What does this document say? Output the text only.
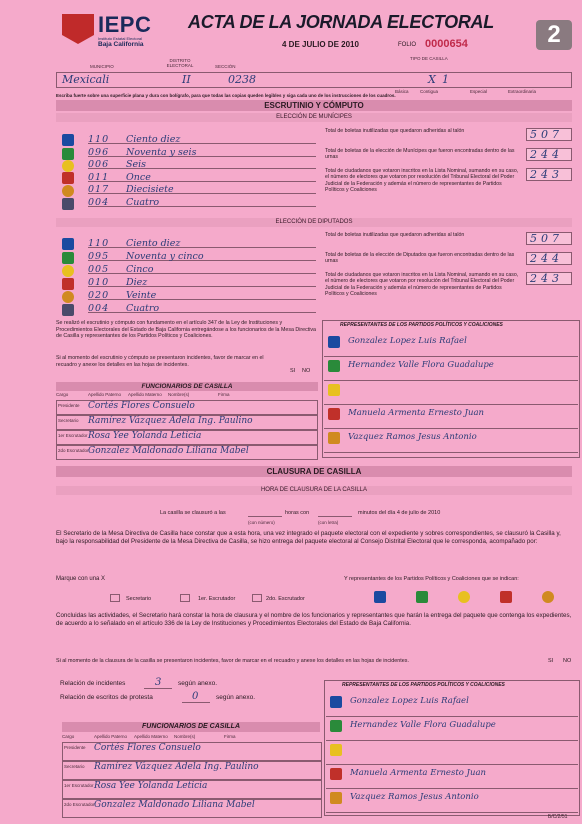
IEPC
Instituto Estatal Electoral
Baja California
ACTA DE LA JORNADA ELECTORAL
4 DE JULIO DE 2010	FOLIO 0000654	2
MUNICIPIO
DISTRITO ELECTORAL	SECCIÓN
TIPO DE CASILLA
Mexicali	II	0238	X 1
Básica	Contigua	Especial	Extraordinaria
Escriba fuerte sobre una superficie plana y dura con bolígrafo, para que todas las copias queden legibles y siga cada uno de los instrucciones de los cuadros.
ESCRUTINIO Y CÓMPUTO
ELECCIÓN DE MUNÍCIPES
110 Ciento diez
096 Noventa y seis
006 Seis
011 Once
017 Diecisiete
004 Cuatro
Total de boletas inutilizadas que quedaron adheridas al talón	507
Total de boletas de la elección de Munícipes que fueron encontradas dentro de las urnas	244
Total de ciudadanos que votaron inscritos en la Lista Nominal, sumando en su caso, el número de electores que votaron por resolución del Tribunal Electoral del Poder Judicial de la Federación y además el número de representantes de Partidos Políticos y Coaliciones
243
ELECCIÓN DE DIPUTADOS
110 Ciento diez
095 Noventa y cinco
005 Cinco
010 Diez
020 Veinte
004 Cuatro
Total de boletas inutilizadas que quedaron adheridas al talón	507
Total de boletas de la elección de Diputados que fueron encontradas dentro de las urnas	244
Total de ciudadanos que votaron inscritos en la Lista Nominal, sumando en su caso, el número de electores que votaron por resolución del Tribunal Electoral del Poder Judicial de la Federación y además el número de representantes de Partidos Políticos y Coaliciones
243
Se realizó el escrutinio y cómputo con fundamento en el artículo 347 de la Ley de Instituciones y Procedimientos Electorales del Estado de Baja California entregándose a los funcionarios de la Mesa Directiva de Casilla y representantes de los Partidos Políticos y Coaliciones.
Si al momento del escrutinio y cómputo se presentaron incidentes, favor de marcar en el recuadro y anexe los detalles en las hojas de incidentes.
SI NO
FUNCIONARIOS DE CASILLA
Cargo	Apellido Paterno Apellido Materno Nombre(s)	Firma
Presidente Cortés Flores Consuelo
Secretario Ramírez Vázquez Adela Ing. Paulino
1er Escrutador Rosa Yee Yolanda Leticia
2do Escrutador Gonzalez Maldonado Liliana Mabel
REPRESENTANTES DE LOS PARTIDOS POLÍTICOS Y COALICIONES
Gonzalez Lopez Luis Rafael
Hernandez Valle Flora Guadalupe
Manuela Armenta Ernesto Juan
Vazquez Ramos Jesus Antonio
CLAUSURA DE CASILLA
HORA DE CLAUSURA DE LA CASILLA
La casilla se clausuró a las	horas con	minutos del día 4 de julio de 2010
(con número)	(con letra)
El Secretario de la Mesa Directiva de Casilla hace constar que a esta hora, una vez integrado el paquete electoral con el expediente y sobres correspondientes, se clausuró la Casilla y, bajo la responsabilidad del Presidente de la Mesa Directiva de Casilla, se hizo entrega del paquete electoral al Consejo Distrital Electoral que le corresponda, acompañado por:
Marque con una X	Y representantes de los Partidos Políticos y Coaliciones que se indican:
Secretario	1er. Escrutador	2do. Escrutador
Concluidas las actividades, el Secretario hará constar la hora de clausura y el nombre de los funcionarios y representantes que harán la entrega del paquete que contenga los expedientes, de acuerdo a lo señalado en el artículo 336 de la Ley de Instituciones y Procedimientos Electorales del Estado de Baja California.
Si al momento de la clausura de la casilla se presentaron incidentes, favor de marcar en el recuadro y anexe los detalles en las hojas de incidentes.	SI NO
Relación de incidentes	3	según anexo.
Relación de escritos de protesta	0	según anexo.
FUNCIONARIOS DE CASILLA
Cargo	Apellido Paterno Apellido Materno Nombre(s)	Firma
Presidente Cortés Flores Consuelo
Secretario Ramírez Vázquez Adela Ing. Paulino
1er Escrutador Rosa Yee Yolanda Leticia
2do Escrutador Gonzalez Maldonado Liliana Mabel
REPRESENTANTES DE LOS PARTIDOS POLÍTICOS Y COALICIONES
Gonzalez Lopez Luis Rafael
Hernandez Valle Flora Guadalupe
Manuela Armenta Ernesto Juan
Vazquez Ramos Jesus Antonio
Б/С/2/51
